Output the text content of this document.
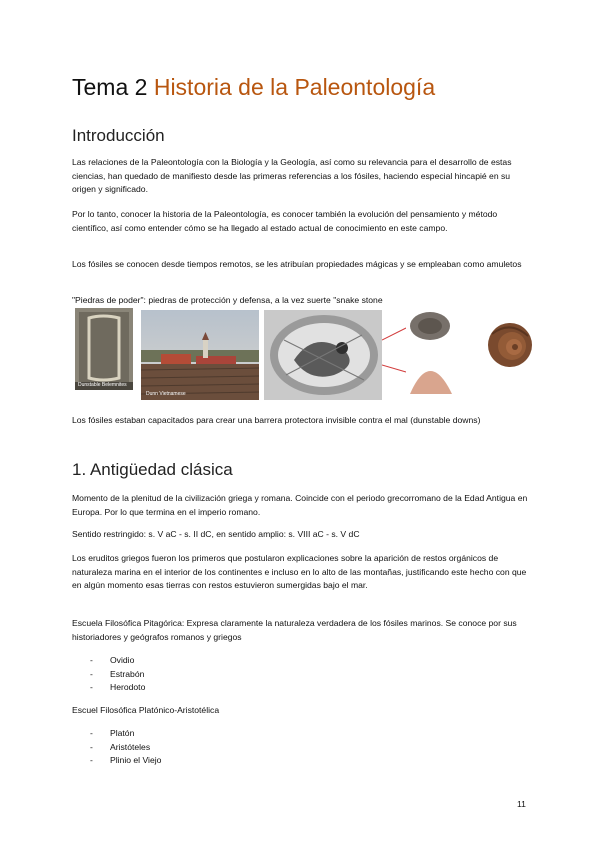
Tema 2 Historia de la Paleontología
Introducción

Las relaciones de la Paleontología con la Biología y la Geología, así como su relevancia para el desarrollo de estas ciencias, han quedado de manifiesto desde las primeras referencias a los fósiles, haciendo especial hincapié en su origen y significado.

Por lo tanto, conocer la historia de la Paleontología, es conocer también la evolución del pensamiento y método científico, así como entender cómo se ha llegado al estado actual de conocimiento en este campo.

Los fósiles se conocen desde tiempos remotos, se les atribuían propiedades mágicas y se empleaban como amuletos

"Piedras de poder": piedras de protección y defensa, a la vez suerte "snake stone

Dunstable Belemnites
Dunn Vietnamese

Los fósiles estaban capacitados para crear una barrera protectora invisible contra el mal (dunstable downs)

1. Antigüedad clásica

Momento de la plenitud de la civilización griega y romana. Coincide con el periodo grecorromano de la Edad Antigua en Europa. Por lo que termina en el imperio romano.

Sentido restringido: s. V aC - s. II dC, en sentido amplio: s. VIII aC - s. V dC

Los eruditos griegos fueron los primeros que postularon explicaciones sobre la aparición de restos orgánicos de naturaleza marina en el interior de los continentes e incluso en lo alto de las montañas, justificando este hecho con que en algún momento esas tierras con restos estuvieron sumergidas bajo el mar.

Escuela Filosófica Pitagórica: Expresa claramente la naturaleza verdadera de los fósiles marinos. Se conoce por sus historiadores y geógrafos romanos y griegos

- Ovidio
- Estrabón
- Herodoto

Escuel Filosófica Platónico-Aristotélica

- Platón
- Aristóteles
- Plinio el Viejo
11
